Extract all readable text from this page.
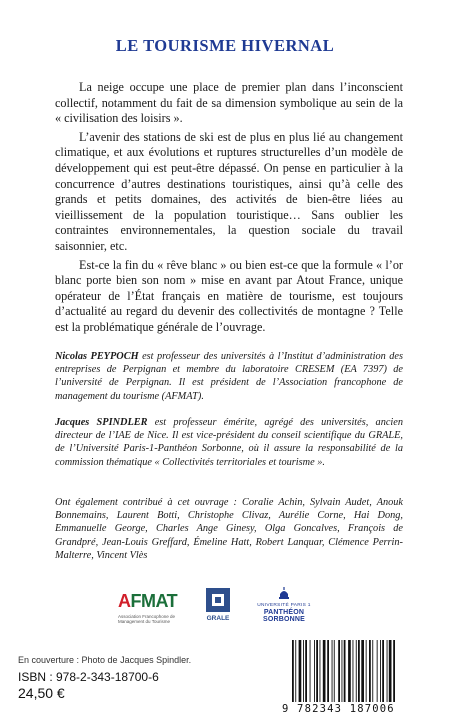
LE TOURISME HIVERNAL

La neige occupe une place de premier plan dans l’inconscient collectif, notamment du fait de sa dimension symbolique au sein de la « civilisation des loisirs ».

L’avenir des stations de ski est de plus en plus lié au changement climatique, et aux évolutions et ruptures structurelles d’un modèle de développement qui est peut-être dépassé. On pense en particulier à la concurrence d’autres destinations touristiques, ainsi qu’à celle des grands et petits domaines, des activités de bien-être liées au vieillissement de la population touristique… Sans oublier les contraintes environnementales, la question sociale du travail saisonnier, etc.

Est-ce la fin du « rêve blanc » ou bien est-ce que la formule « l’or blanc porte bien son nom » mise en avant par Atout France, unique opérateur de l’État français en matière de tourisme, est toujours d’actualité au regard du devenir des collectivités de montagne ? Telle est la problématique générale de l’ouvrage.

Nicolas PEYPOCH est professeur des universités à l’Institut d’administration des entreprises de Perpignan et membre du laboratoire CRESEM (EA 7397) de l’université de Perpignan. Il est président de l’Association francophone de management du tourisme (AFMAT).

Jacques SPINDLER est professeur émérite, agrégé des universités, ancien directeur de l’IAE de Nice. Il est vice-président du conseil scientifique du GRALE, de l’Université Paris-1-Panthéon Sorbonne, où il assure la responsabilité de la commission thématique « Collectivités territoriales et tourisme ».

Ont également contribué à cet ouvrage : Coralie Achin, Sylvain Audet, Anouk Bonnemains, Laurent Botti, Christophe Clivaz, Aurélie Corne, Hai Dong, Emmanuelle George, Charles Ange Ginesy, Olga Goncalves, François de Grandpré, Jean-Louis Greffard, Émeline Hatt, Robert Lanquar, Clémence Perrin-Malterre, Vincent Vlès

AFMAT
Association Francophone de Management du Tourisme	GRALE
UNIVERSITÉ PARIS 1
PANTHÉON SORBONNE
En couverture : Photo de Jacques Spindler.
ISBN : 978-2-343-18700-6
24,50 €
9 782343 187006
